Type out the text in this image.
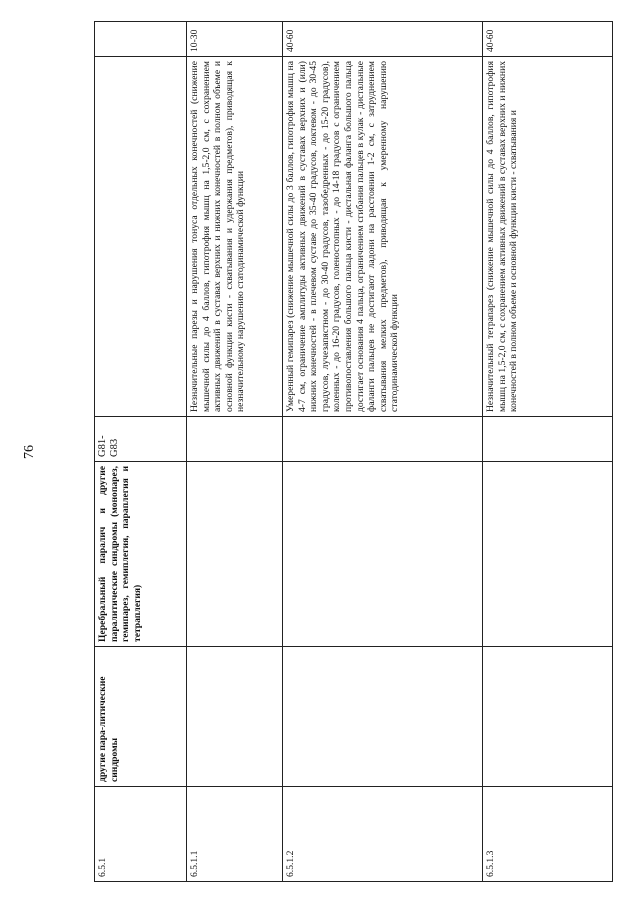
76
6.5.1	другие пара-литические синдромы	Церебральный паралич и другие паралитические синдромы (монопарез, гемипарез, гемиплегия, параплегия и тетраплегия)	G81-G83		
6.5.1.1				Незначительные парезы и нарушения тонуса отдельных конечностей (снижение мышечной силы до 4 баллов, гипотрофия мышц на 1,5-2,0 см, с сохранением активных движений в суставах верхних и нижних конечностей в полном объеме и основной функции кисти - схватывания и удержания предметов), приводящая к незначительному нарушению статодинамической функции	10-30
6.5.1.2				Умеренный гемипарез (снижение мышечной силы до 3 баллов, гипотрофия мышц на 4-7 см, ограничение амплитуды активных движений в суставах верхних и (или) нижних конечностей - в плечевом суставе до 35-40 градусов, локтевом - до 30-45 градусов, лучезапястном - до 30-40 градусов, тазобедренных - до 15-20 градусов), коленных - до 16-20 градусов, голеностопных - до 14-18 градусов с ограничением противопоставления большого пальца кисти - дистальная фаланга большого пальца достигает основания 4 пальца, ограничением сгибания пальцев в кулак - дистальные фаланги пальцев не достигают ладони на расстоянии 1-2 см, с затруднением схватывания мелких предметов), приводящая к умеренному нарушению статодинамической функции	40-60
6.5.1.3				Незначительный тетрапарез (снижение мышечной силы до 4 баллов, гипотрофия мышц на 1,5-2,0 см, с сохранением активных движений в суставах верхних и нижних конечностей в полном объеме и основной функции кисти - схватывания и	40-60
